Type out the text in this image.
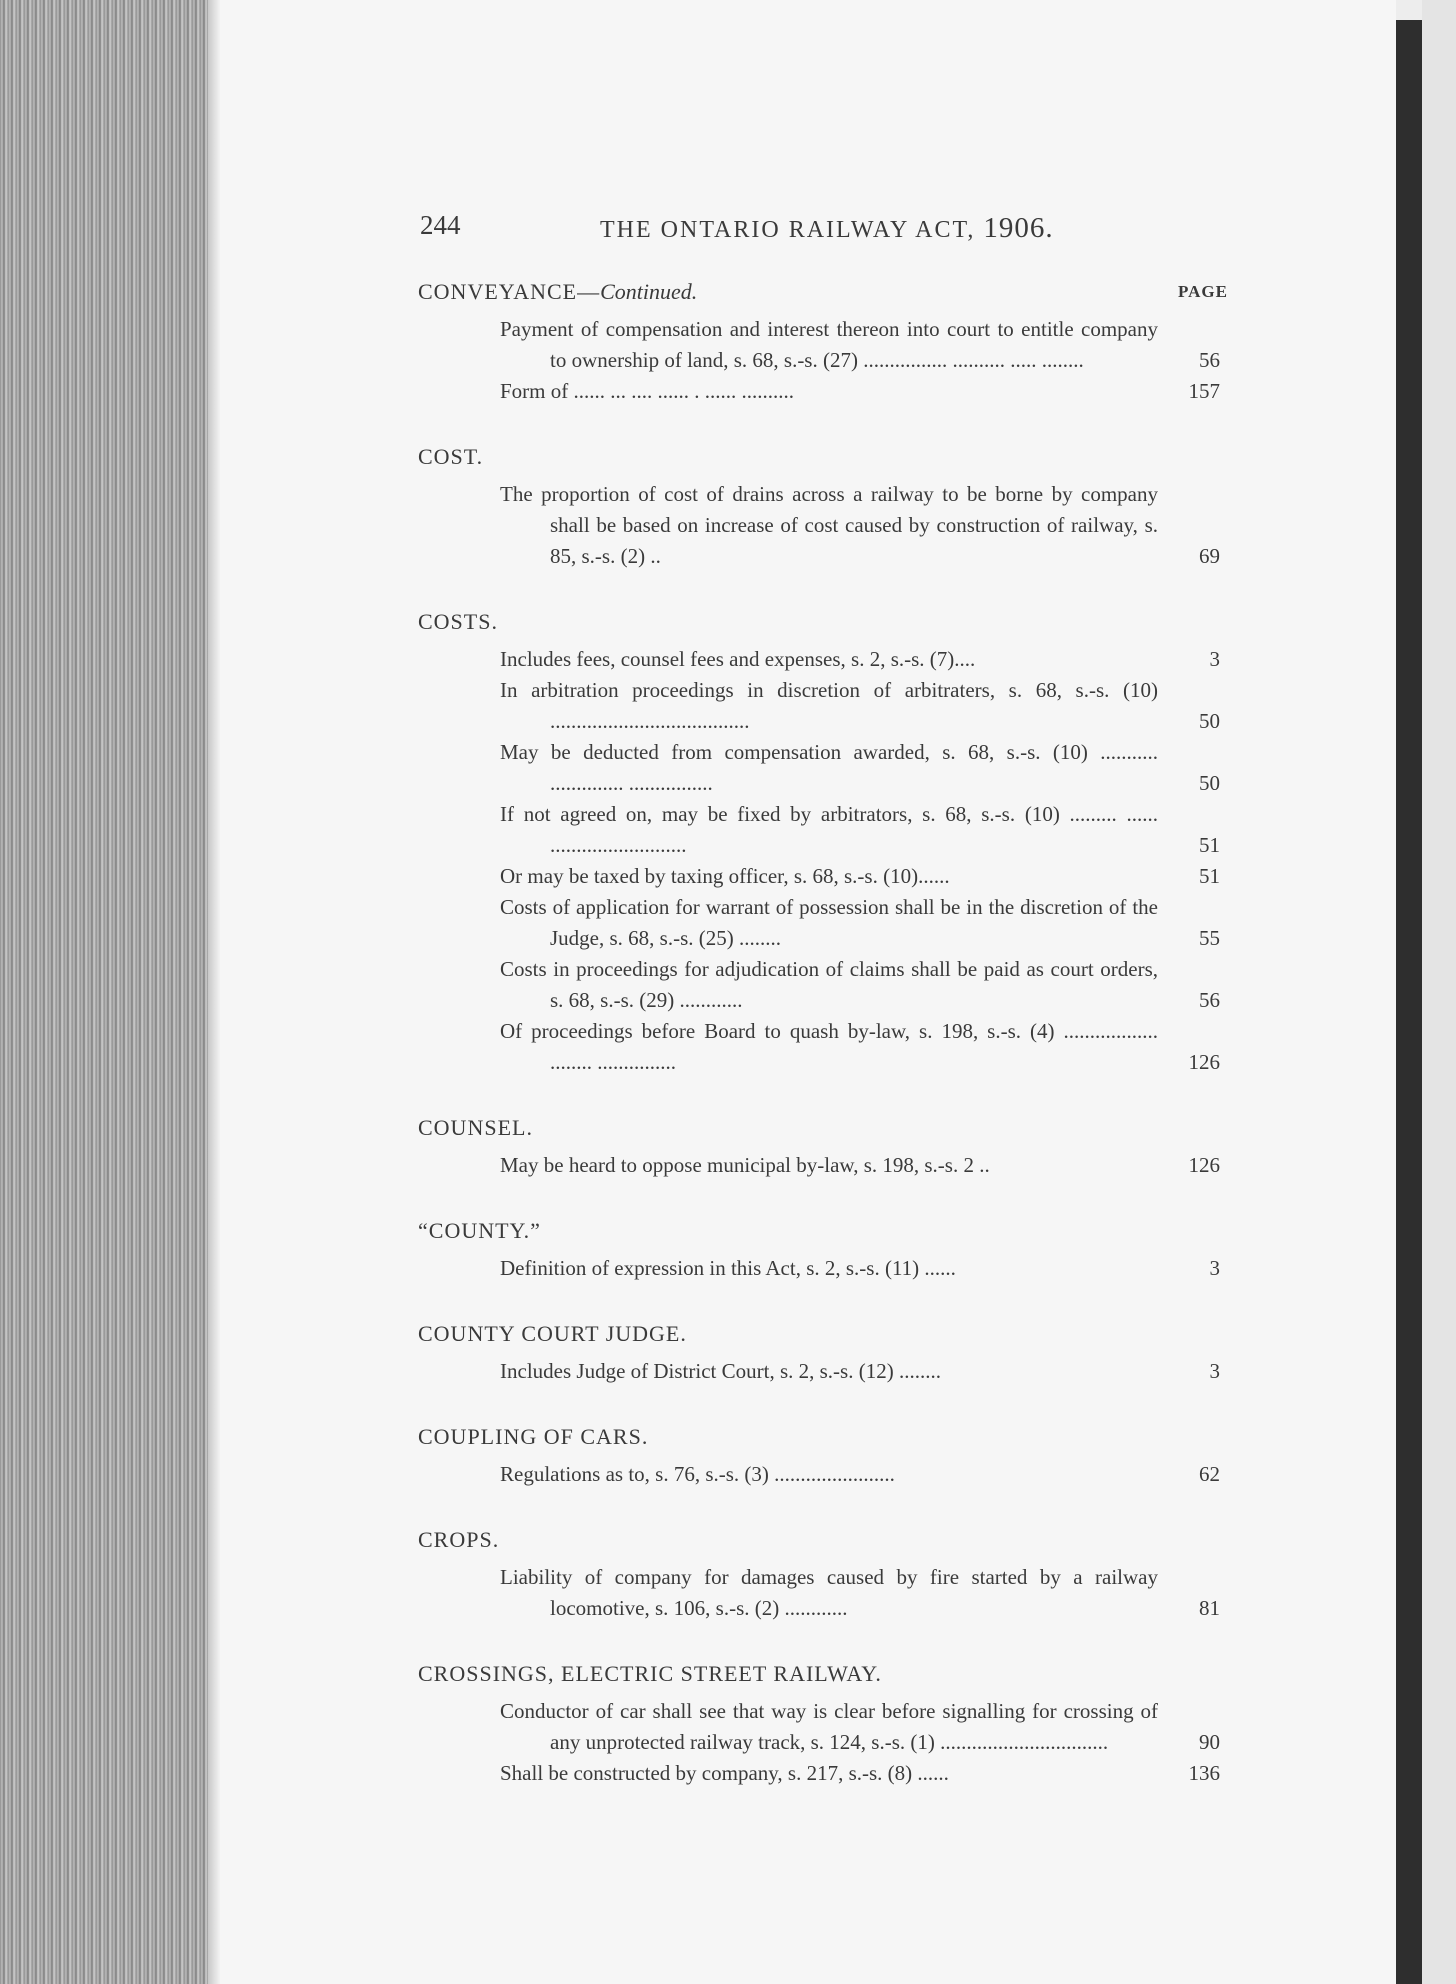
244	THE ONTARIO RAILWAY ACT, 1906.
PAGE
CONVEYANCE—Continued.
Payment of compensation and interest thereon into court to entitle company to ownership of land, s. 68, s.-s. (27) ................ .......... ..... ........	56
Form of ...... ... .... ...... . ...... ..........	157
COST.
The proportion of cost of drains across a railway to be borne by company shall be based on increase of cost caused by construction of railway, s. 85, s.-s. (2) ..	69
COSTS.
Includes fees, counsel fees and expenses, s. 2, s.-s. (7)....	3
In arbitration proceedings in discretion of arbitraters, s. 68, s.-s. (10) ......................................	50
May be deducted from compensation awarded, s. 68, s.-s. (10) ........... .............. ................	50
If not agreed on, may be fixed by arbitrators, s. 68, s.-s. (10) ......... ...... ..........................	51
Or may be taxed by taxing officer, s. 68, s.-s. (10)......	51
Costs of application for warrant of possession shall be in the discretion of the Judge, s. 68, s.-s. (25) ........	55
Costs in proceedings for adjudication of claims shall be paid as court orders, s. 68, s.-s. (29) ............	56
Of proceedings before Board to quash by-law, s. 198, s.-s. (4) .................. ........ ...............	126
COUNSEL.
May be heard to oppose municipal by-law, s. 198, s.-s. 2 ..	126
“COUNTY.”
Definition of expression in this Act, s. 2, s.-s. (11) ......	3
COUNTY COURT JUDGE.
Includes Judge of District Court, s. 2, s.-s. (12) ........	3
COUPLING OF CARS.
Regulations as to, s. 76, s.-s. (3) .......................	62
CROPS.
Liability of company for damages caused by fire started by a railway locomotive, s. 106, s.-s. (2) ............	81
CROSSINGS, ELECTRIC STREET RAILWAY.
Conductor of car shall see that way is clear before signalling for crossing of any unprotected railway track, s. 124, s.-s. (1) ................................	90
Shall be constructed by company, s. 217, s.-s. (8) ......	136
